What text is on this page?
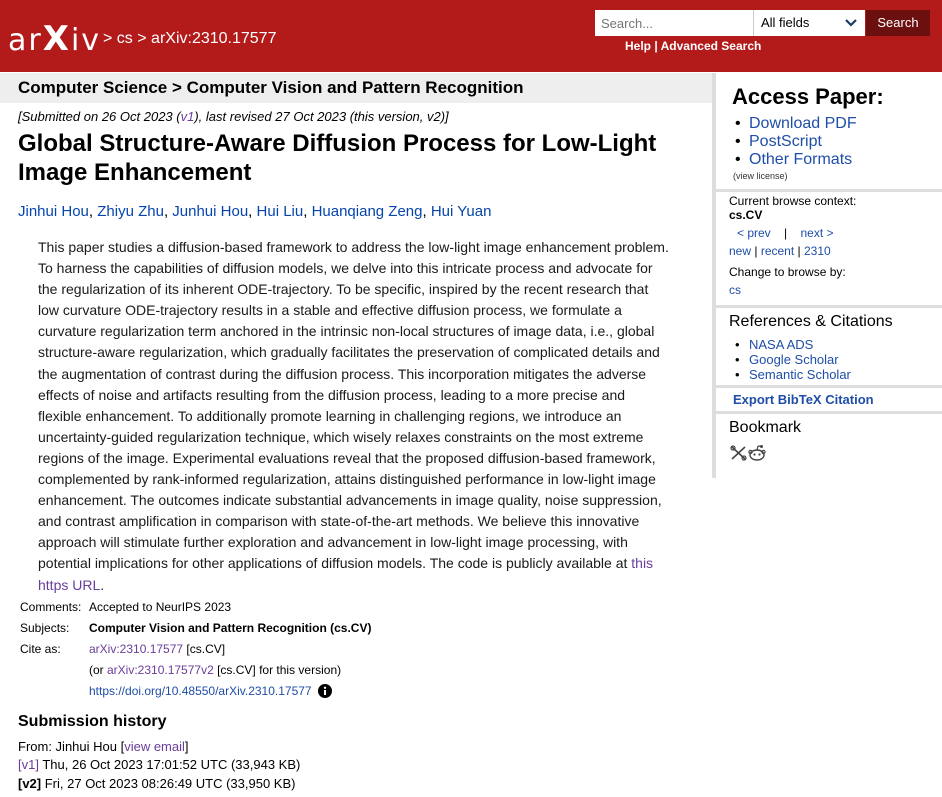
arXiv > cs > arXiv:2310.17577
Search...
All fields	Search
Help | Advanced Search
Computer Science > Computer Vision and Pattern Recognition
[Submitted on 26 Oct 2023 (v1), last revised 27 Oct 2023 (this version, v2)]
Global Structure-Aware Diffusion Process for Low-Light Image Enhancement
Jinhui Hou, Zhiyu Zhu, Junhui Hou, Hui Liu, Huanqiang Zeng, Hui Yuan
This paper studies a diffusion-based framework to address the low-light image enhancement problem. To harness the capabilities of diffusion models, we delve into this intricate process and advocate for the regularization of its inherent ODE-trajectory. To be specific, inspired by the recent research that low curvature ODE-trajectory results in a stable and effective diffusion process, we formulate a curvature regularization term anchored in the intrinsic non-local structures of image data, i.e., global structure-aware regularization, which gradually facilitates the preservation of complicated details and the augmentation of contrast during the diffusion process. This incorporation mitigates the adverse effects of noise and artifacts resulting from the diffusion process, leading to a more precise and flexible enhancement. To additionally promote learning in challenging regions, we introduce an uncertainty-guided regularization technique, which wisely relaxes constraints on the most extreme regions of the image. Experimental evaluations reveal that the proposed diffusion-based framework, complemented by rank-informed regularization, attains distinguished performance in low-light image enhancement. The outcomes indicate substantial advancements in image quality, noise suppression, and contrast amplification in comparison with state-of-the-art methods. We believe this innovative approach will stimulate further exploration and advancement in low-light image processing, with potential implications for other applications of diffusion models. The code is publicly available at this https URL.
Comments: Accepted to NeurIPS 2023
Subjects: Computer Vision and Pattern Recognition (cs.CV)
Cite as: arXiv:2310.17577 [cs.CV]
(or arXiv:2310.17577v2 [cs.CV] for this version)
https://doi.org/10.48550/arXiv.2310.17577
Submission history
From: Jinhui Hou [view email]
[v1] Thu, 26 Oct 2023 17:01:52 UTC (33,943 KB)
[v2] Fri, 27 Oct 2023 08:26:49 UTC (33,950 KB)
Access Paper:
• Download PDF
• PostScript
• Other Formats
(view license)
Current browse context:
cs.CV
< prev | next >
new | recent | 2310
Change to browse by:
cs
References & Citations
• NASA ADS
• Google Scholar
• Semantic Scholar
Export BibTeX Citation
Bookmark
